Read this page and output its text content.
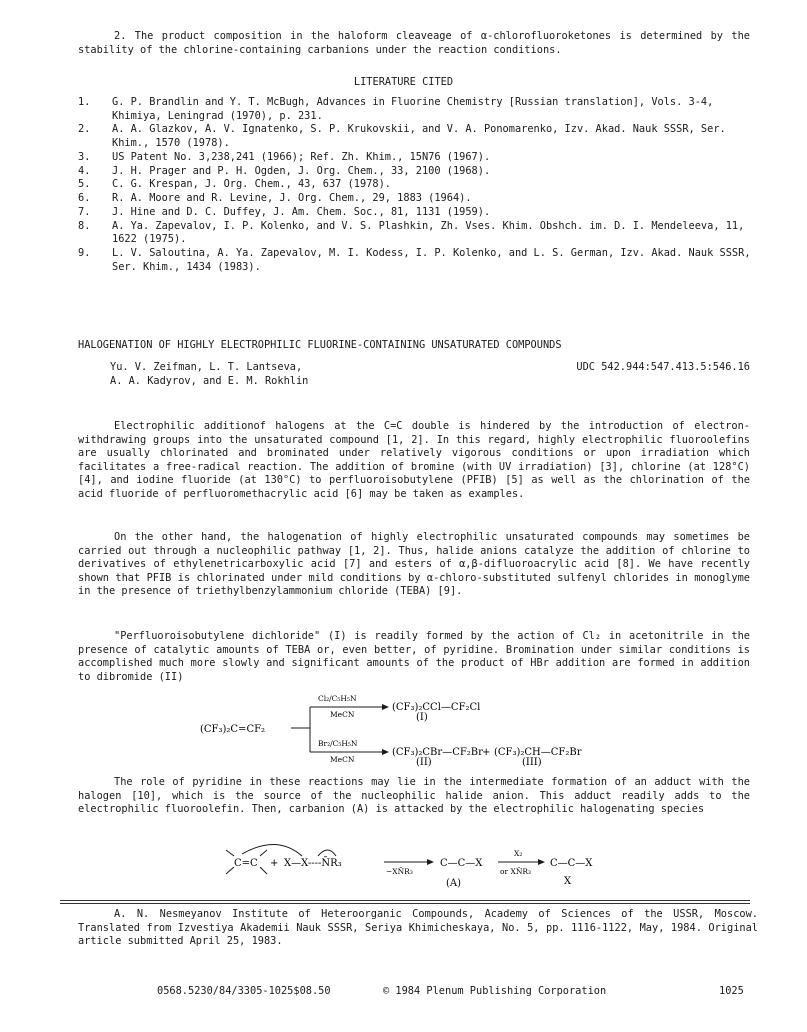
2. The product composition in the haloform cleaveage of α-chlorofluoroketones is determined by the stability of the chlorine-containing carbanions under the reaction conditions.

LITERATURE CITED
1. G. P. Brandlin and Y. T. McBugh, Advances in Fluorine Chemistry [Russian translation], Vols. 3-4, Khimiya, Leningrad (1970), p. 231.
2. A. A. Glazkov, A. V. Ignatenko, S. P. Krukovskii, and V. A. Ponomarenko, Izv. Akad. Nauk SSSR, Ser. Khim., 1570 (1978).
3. US Patent No. 3,238,241 (1966); Ref. Zh. Khim., 15N76 (1967).
4. J. H. Prager and P. H. Ogden, J. Org. Chem., 33, 2100 (1968).
5. C. G. Krespan, J. Org. Chem., 43, 637 (1978).
6. R. A. Moore and R. Levine, J. Org. Chem., 29, 1883 (1964).
7. J. Hine and D. C. Duffey, J. Am. Chem. Soc., 81, 1131 (1959).
8. A. Ya. Zapevalov, I. P. Kolenko, and V. S. Plashkin, Zh. Vses. Khim. Obshch. im. D. I. Mendeleeva, 11, 1622 (1975).
9. L. V. Saloutina, A. Ya. Zapevalov, M. I. Kodess, I. P. Kolenko, and L. S. German, Izv. Akad. Nauk SSSR, Ser. Khim., 1434 (1983).
HALOGENATION OF HIGHLY ELECTROPHILIC FLUORINE-CONTAINING UNSATURATED COMPOUNDS
Yu. V. Zeifman, L. T. Lantseva,
A. A. Kadyrov, and E. M. Rokhlin
UDC 542.944:547.413.5:546.16

Electrophilic additionof halogens at the C=C double is hindered by the introduction of electron-withdrawing groups into the unsaturated compound [1, 2]. In this regard, highly electrophilic fluoroolefins are usually chlorinated and brominated under relatively vigorous conditions or upon irradiation which facilitates a free-radical reaction. The addition of bromine (with UV irradiation) [3], chlorine (at 128°C) [4], and iodine fluoride (at 130°C) to perfluoroisobutylene (PFIB) [5] as well as the chlorination of the acid fluoride of perfluoromethacrylic acid [6] may be taken as examples.

On the other hand, the halogenation of highly electrophilic unsaturated compounds may sometimes be carried out through a nucleophilic pathway [1, 2]. Thus, halide anions catalyze the addition of chlorine to derivatives of ethylenetricarboxylic acid [7] and esters of α,β-difluoroacrylic acid [8]. We have recently shown that PFIB is chlorinated under mild conditions by α-chloro-substituted sulfenyl chlorides in monoglyme in the presence of triethylbenzylammonium chloride (TEBA) [9].

"Perfluoroisobutylene dichloride" (I) is readily formed by the action of Cl₂ in acetonitrile in the presence of catalytic amounts of TEBA or, even better, of pyridine. Bromination under similar conditions is accomplished much more slowly and significant amounts of the product of HBr addition are formed in addition to dibromide (II)

(CF₃)₂C=CF₂
Cl₂/C₅H₅N
MeCN
(CF₃)₂CCl—CF₂Cl
(I)
Br₂/C₅H₅N
MeCN
(CF₃)₂CBr—CF₂Br + (CF₃)₂CH—CF₂Br
(II)	(III)

The role of pyridine in these reactions may lie in the intermediate formation of an adduct with the halogen [10], which is the source of the nucleophilic halide anion. This adduct readily adds to the electrophilic fluoroolefin. Then, carbanion (A) is attacked by the electrophilic halogenating species

C=C + X—X----N̄R₃
−XN̄R₃
C—C—X
(A)
X₂
or XN̄R₃
C—C—X
X

A. N. Nesmeyanov Institute of Heteroorganic Compounds, Academy of Sciences of the USSR, Moscow. Translated from Izvestiya Akademii Nauk SSSR, Seriya Khimicheskaya, No. 5, pp. 1116-1122, May, 1984. Original article submitted April 25, 1983.

0568.5230/84/3305-1025$08.50	© 1984 Plenum Publishing Corporation	1025
